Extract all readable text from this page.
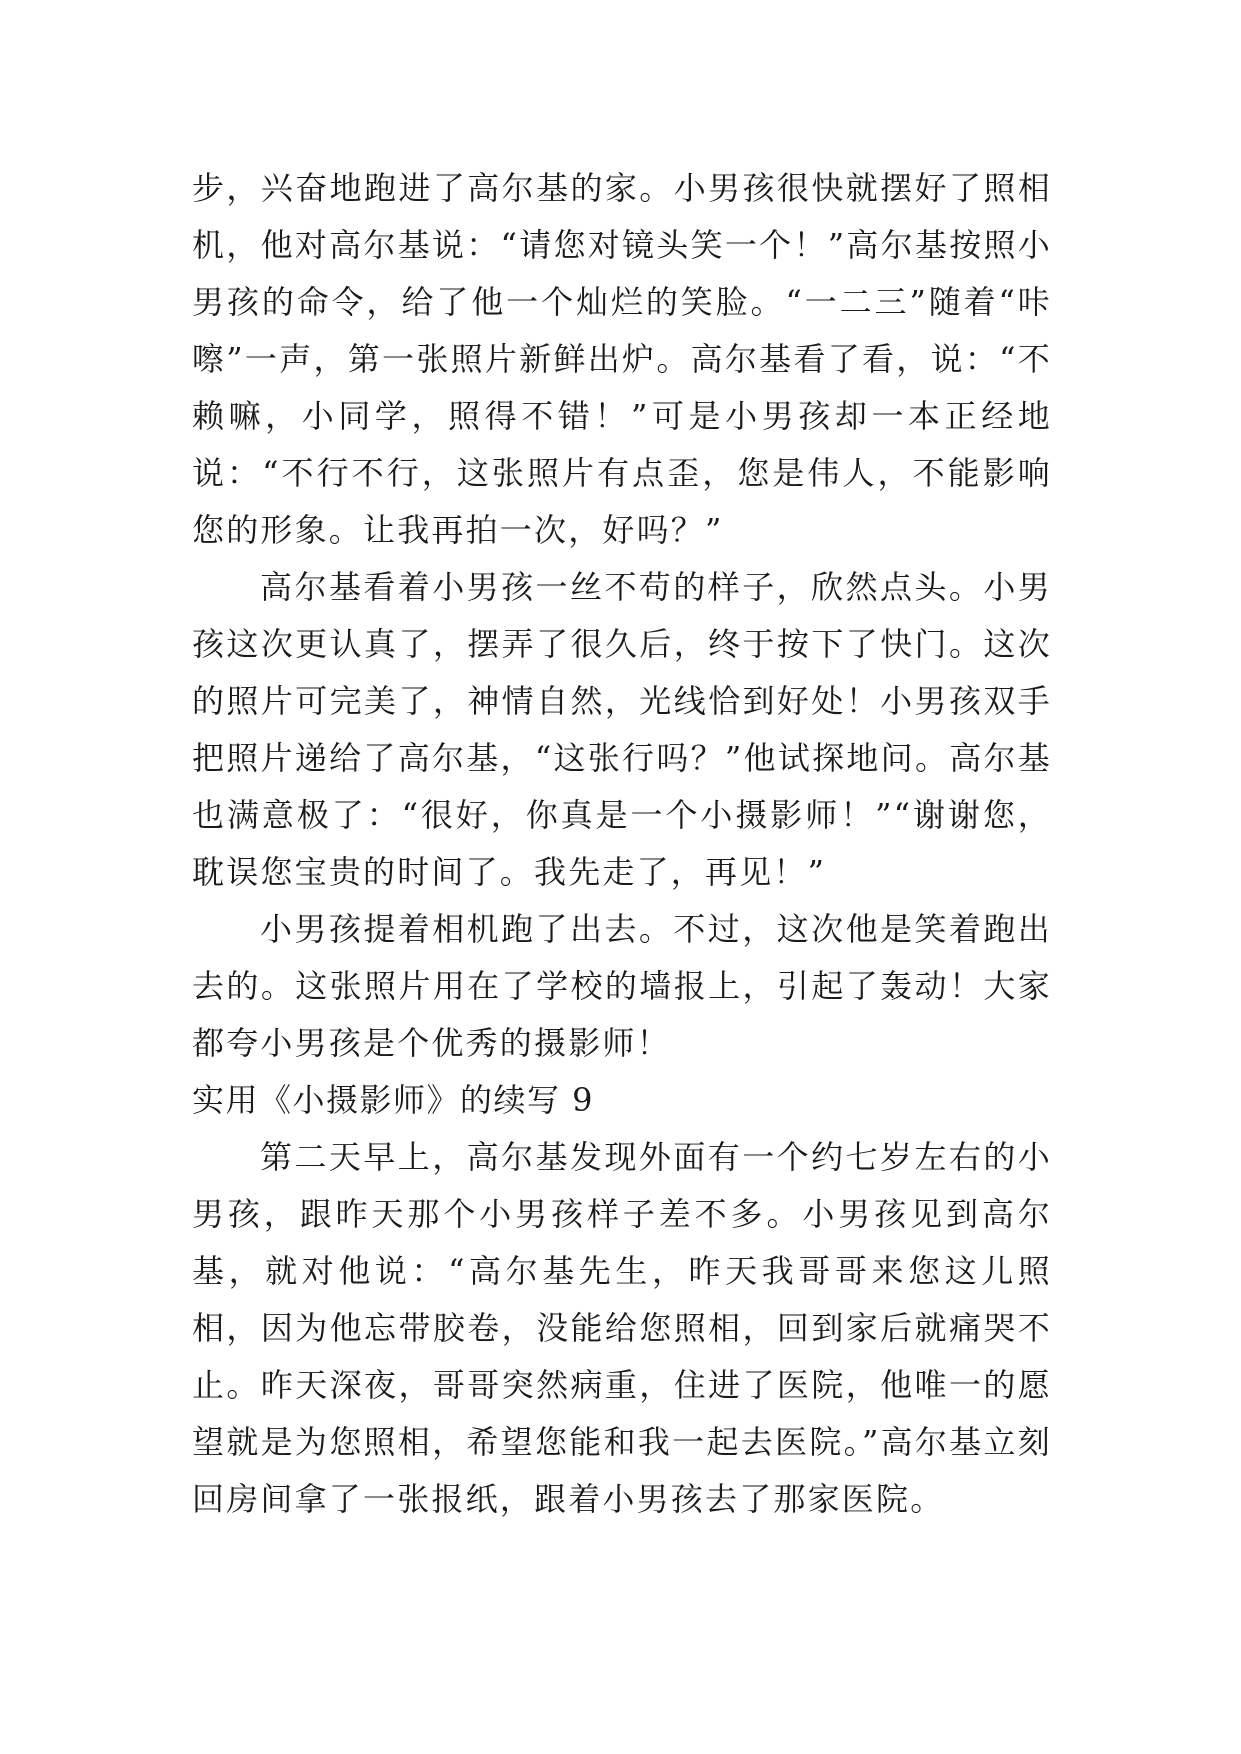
步，兴奋地跑进了高尔基的家。小男孩很快就摆好了照相机，他对高尔基说：“请您对镜头笑一个！”高尔基按照小男孩的命令，给了他一个灿烂的笑脸。“一二三”随着“咔嚓”一声，第一张照片新鲜出炉。高尔基看了看，说：“不赖嘛，小同学，照得不错！”可是小男孩却一本正经地说：“不行不行，这张照片有点歪，您是伟人，不能影响您的形象。让我再拍一次，好吗？”

高尔基看着小男孩一丝不苟的样子，欣然点头。小男孩这次更认真了，摆弄了很久后，终于按下了快门。这次的照片可完美了，神情自然，光线恰到好处！小男孩双手把照片递给了高尔基，“这张行吗？”他试探地问。高尔基也满意极了：“很好，你真是一个小摄影师！”“谢谢您，耽误您宝贵的时间了。我先走了，再见！”

小男孩提着相机跑了出去。不过，这次他是笑着跑出去的。这张照片用在了学校的墙报上，引起了轰动！大家都夸小男孩是个优秀的摄影师！

实用《小摄影师》的续写 9

第二天早上，高尔基发现外面有一个约七岁左右的小男孩，跟昨天那个小男孩样子差不多。小男孩见到高尔基，就对他说：“高尔基先生，昨天我哥哥来您这儿照相，因为他忘带胶卷，没能给您照相，回到家后就痛哭不止。昨天深夜，哥哥突然病重，住进了医院，他唯一的愿望就是为您照相，希望您能和我一起去医院。”高尔基立刻回房间拿了一张报纸，跟着小男孩去了那家医院。
